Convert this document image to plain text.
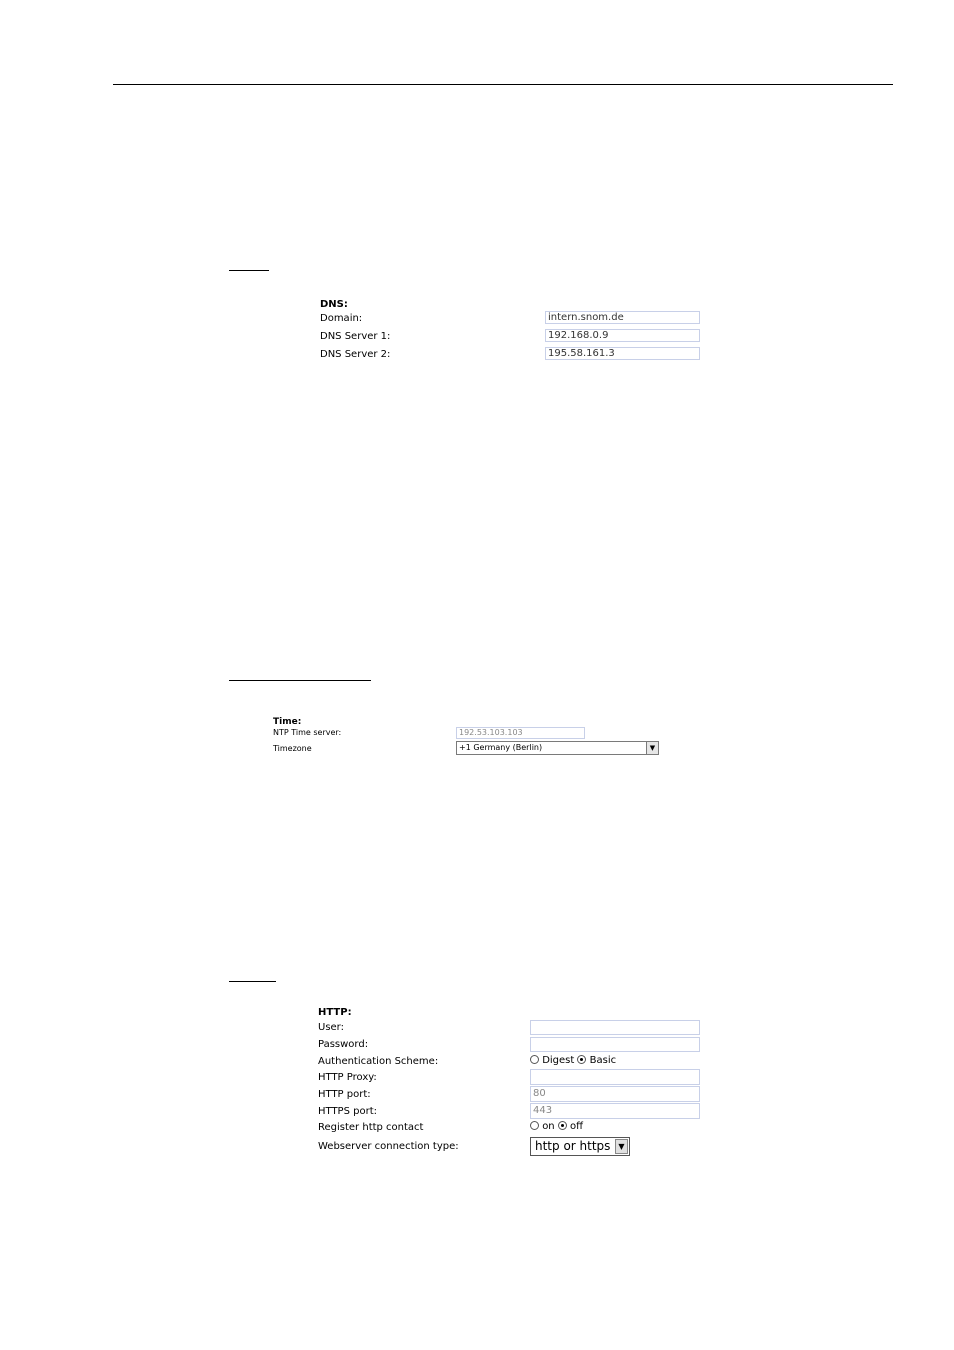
DNS:
Domain:	intern.snom.de
DNS Server 1:	192.168.0.9
DNS Server 2:	195.58.161.3
Time:
NTP Time server:	192.53.103.103
Timezone	+1 Germany (Berlin)	▼
HTTP:
User:
Password:
Authentication Scheme:	Digest Basic
HTTP Proxy:
HTTP port:	80
HTTPS port:	443
Register http contact	on off
Webserver connection type:	http or https	▼
